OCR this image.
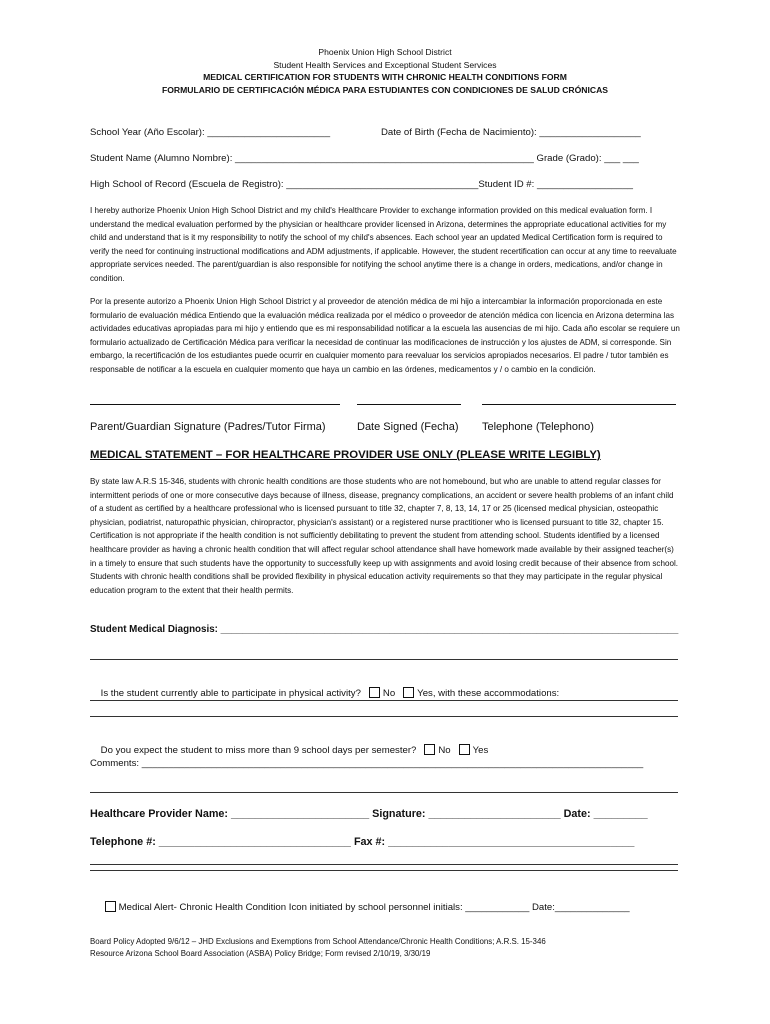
Phoenix Union High School District
Student Health Services and Exceptional Student Services
MEDICAL CERTIFICATION FOR STUDENTS WITH CHRONIC HEALTH CONDITIONS FORM
FORMULARIO DE CERTIFICACIÓN MÉDICA PARA ESTUDIANTES CON CONDICIONES DE SALUD CRÓNICAS
School Year (Año Escolar): _______________________	Date of Birth (Fecha de Nacimiento): ___________________
Student Name (Alumno Nombre): ________________________________________________________ Grade (Grado): ___ ___
High School of Record (Escuela de Registro): ____________________________________Student ID #: __________________
I hereby authorize Phoenix Union High School District and my child's Healthcare Provider to exchange information provided on this medical evaluation form. I understand the medical evaluation performed by the physician or healthcare provider licensed in Arizona, determines the appropriate educational activities for my child and understand that is it my responsibility to notify the school of my child's absences. Each school year an updated Medical Certification form is required to verify the need for continuing instructional modifications and ADM adjustments, if applicable. However, the student recertification can occur at any time to reevaluate appropriate services needed. The parent/guardian is also responsible for notifying the school anytime there is a change in orders, medications, and/or change in condition.
Por la presente autorizo a Phoenix Union High School District y al proveedor de atención médica de mi hijo a intercambiar la información proporcionada en este formulario de evaluación médica Entiendo que la evaluación médica realizada por el médico o proveedor de atención médica con licencia en Arizona determina las actividades educativas apropiadas para mi hijo y entiendo que es mi responsabilidad notificar a la escuela las ausencias de mi hijo. Cada año escolar se requiere un formulario actualizado de Certificación Médica para verificar la necesidad de continuar las modificaciones de instrucción y los ajustes de ADM, si corresponde. Sin embargo, la recertificación de los estudiantes puede ocurrir en cualquier momento para reevaluar los servicios apropiados necesarios. El padre / tutor también es responsable de notificar a la escuela en cualquier momento que haya un cambio en las órdenes, medicamentos y / o cambio en la condición.
Parent/Guardian Signature (Padres/Tutor Firma)	Date Signed (Fecha) Telephone (Telephono)
MEDICAL STATEMENT – FOR HEALTHCARE PROVIDER USE ONLY (PLEASE WRITE LEGIBLY)
By state law A.R.S 15-346, students with chronic health conditions are those students who are not homebound, but who are unable to attend regular classes for intermittent periods of one or more consecutive days because of illness, disease, pregnancy complications, an accident or severe health problems of an infant child of a student as certified by a healthcare professional who is licensed pursuant to title 32, chapter 7, 8, 13, 14, 17 or 25 (licensed medical physician, osteopathic physician, podiatrist, naturopathic physician, chiropractor, physician's assistant) or a registered nurse practitioner who is licensed pursuant to title 32, chapter 15. Certification is not appropriate if the health condition is not sufficiently debilitating to prevent the student from attending school. Students identified by a licensed healthcare provider as having a chronic health condition that will affect regular school attendance shall have homework made available by their assigned teacher(s) in a timely to ensure that such students have the opportunity to successfully keep up with assignments and avoid losing credit because of their absence from school. Students with chronic health conditions shall be provided flexibility in physical education activity requirements so that they may participate in the regular physical education program to the extent that their health permits.
Student Medical Diagnosis: ____________________________________________________________________________________

Is the student currently able to participate in physical activity? No Yes, with these accommodations:

Do you expect the student to miss more than 9 school days per semester? No Yes

Comments: ______________________________________________________________________________________________
Healthcare Provider Name: _______________________ Signature: ______________________ Date: _________
Telephone #: ________________________________ Fax #: _________________________________________

Medical Alert- Chronic Health Condition Icon initiated by school personnel initials: ____________ Date:______________

Board Policy Adopted 9/6/12 – JHD Exclusions and Exemptions from School Attendance/Chronic Health Conditions; A.R.S. 15-346
Resource Arizona School Board Association (ASBA) Policy Bridge; Form revised 2/10/19, 3/30/19
